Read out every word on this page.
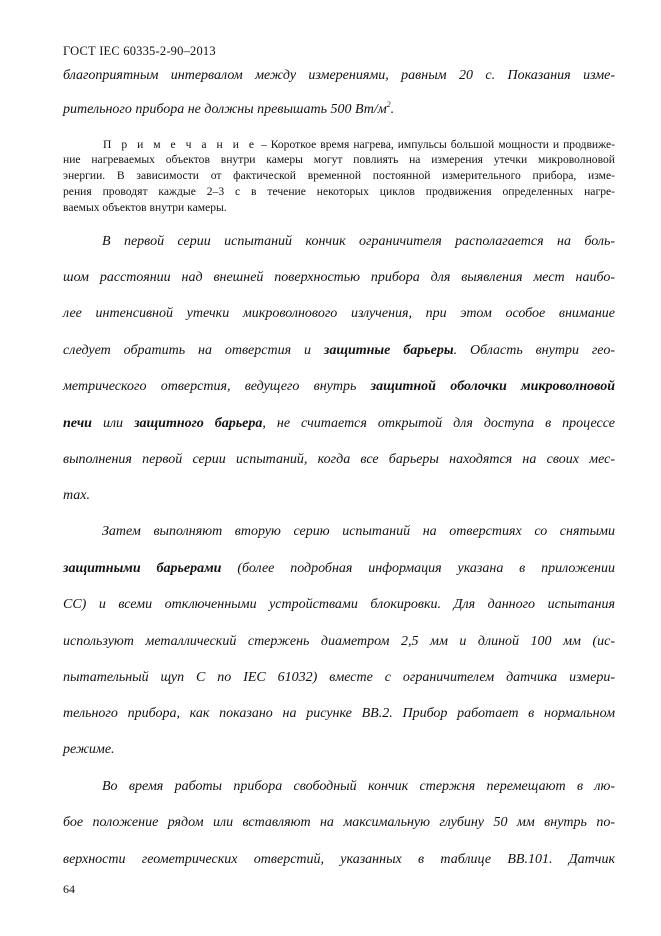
ГОСТ IEC 60335-2-90–2013
благоприятным интервалом между измерениями, равным 20 с. Показания изме-
рительного прибора не должны превышать 500 $Вт/м^2$.
П р и м е ч а н и е – Короткое время нагрева, импульсы большой мощности и продвиже-
ние нагреваемых объектов внутри камеры могут повлиять на измерения утечки микроволновой
энергии. В зависимости от фактической временной постоянной измерительного прибора, изме-
рения проводят каждые 2–3 с в течение некоторых циклов продвижения определенных нагре-
ваемых объектов внутри камеры.
В первой серии испытаний кончик ограничителя располагается на боль-
шом расстоянии над внешней поверхностью прибора для выявления мест наибо-
лее интенсивной утечки микроволнового излучения, при этом особое внимание
следует обратить на отверстия и защитные барьеры. Область внутри гео-
метрического отверстия, ведущего внутрь защитной оболочки микроволновой
печи или защитного барьера, не считается открытой для доступа в процессе
выполнения первой серии испытаний, когда все барьеры находятся на своих мес-
тах.
Затем выполняют вторую серию испытаний на отверстиях со снятыми
защитными барьерами (более подробная информация указана в приложении
СС) и всеми отключенными устройствами блокировки. Для данного испытания
используют металлический стержень диаметром 2,5 мм и длиной 100 мм (ис-
пытательный щуп С по IEC 61032) вместе с ограничителем датчика измери-
тельного прибора, как показано на рисунке ВВ.2. Прибор работает в нормальном
режиме.
Во время работы прибора свободный кончик стержня перемещают в лю-
бое положение рядом или вставляют на максимальную глубину 50 мм внутрь по-
верхности геометрических отверстий, указанных в таблице ВВ.101. Датчик
64
